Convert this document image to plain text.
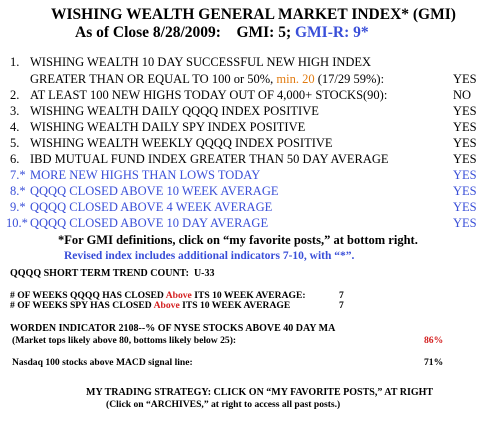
WISHING WEALTH GENERAL MARKET INDEX* (GMI)
As of Close 8/28/2009: GMI: 5; GMI-R: 9*
1. WISHING WEALTH 10 DAY SUCCESSFUL NEW HIGH INDEX
GREATER THAN OR EQUAL TO 100 or 50%, min. 20 (17/29 59%):	YES
2. AT LEAST 100 NEW HIGHS TODAY OUT OF 4,000+ STOCKS(90):	NO
3. WISHING WEALTH DAILY QQQQ INDEX POSITIVE	YES
4. WISHING WEALTH DAILY SPY INDEX POSITIVE	YES
5. WISHING WEALTH WEEKLY QQQQ INDEX POSITIVE	YES
6. IBD MUTUAL FUND INDEX GREATER THAN 50 DAY AVERAGE	YES
7.* MORE NEW HIGHS THAN LOWS TODAY	YES
8.* QQQQ CLOSED ABOVE 10 WEEK AVERAGE	YES
9.* QQQQ CLOSED ABOVE 4 WEEK AVERAGE	YES
10.* QQQQ CLOSED ABOVE 10 DAY AVERAGE	YES
*For GMI definitions, click on “my favorite posts,” at bottom right.
Revised index includes additional indicators 7-10, with “*”.
QQQQ SHORT TERM TREND COUNT: U-33
# OF WEEKS QQQQ HAS CLOSED Above ITS 10 WEEK AVERAGE:	7
# OF WEEKS SPY HAS CLOSED Above ITS 10 WEEK AVERAGE	7
WORDEN INDICATOR 2108--% OF NYSE STOCKS ABOVE 40 DAY MA
(Market tops likely above 80, bottoms likely below 25):	86%
Nasdaq 100 stocks above MACD signal line:	71%
MY TRADING STRATEGY: CLICK ON “MY FAVORITE POSTS,” AT RIGHT
(Click on “ARCHIVES,” at right to access all past posts.)
